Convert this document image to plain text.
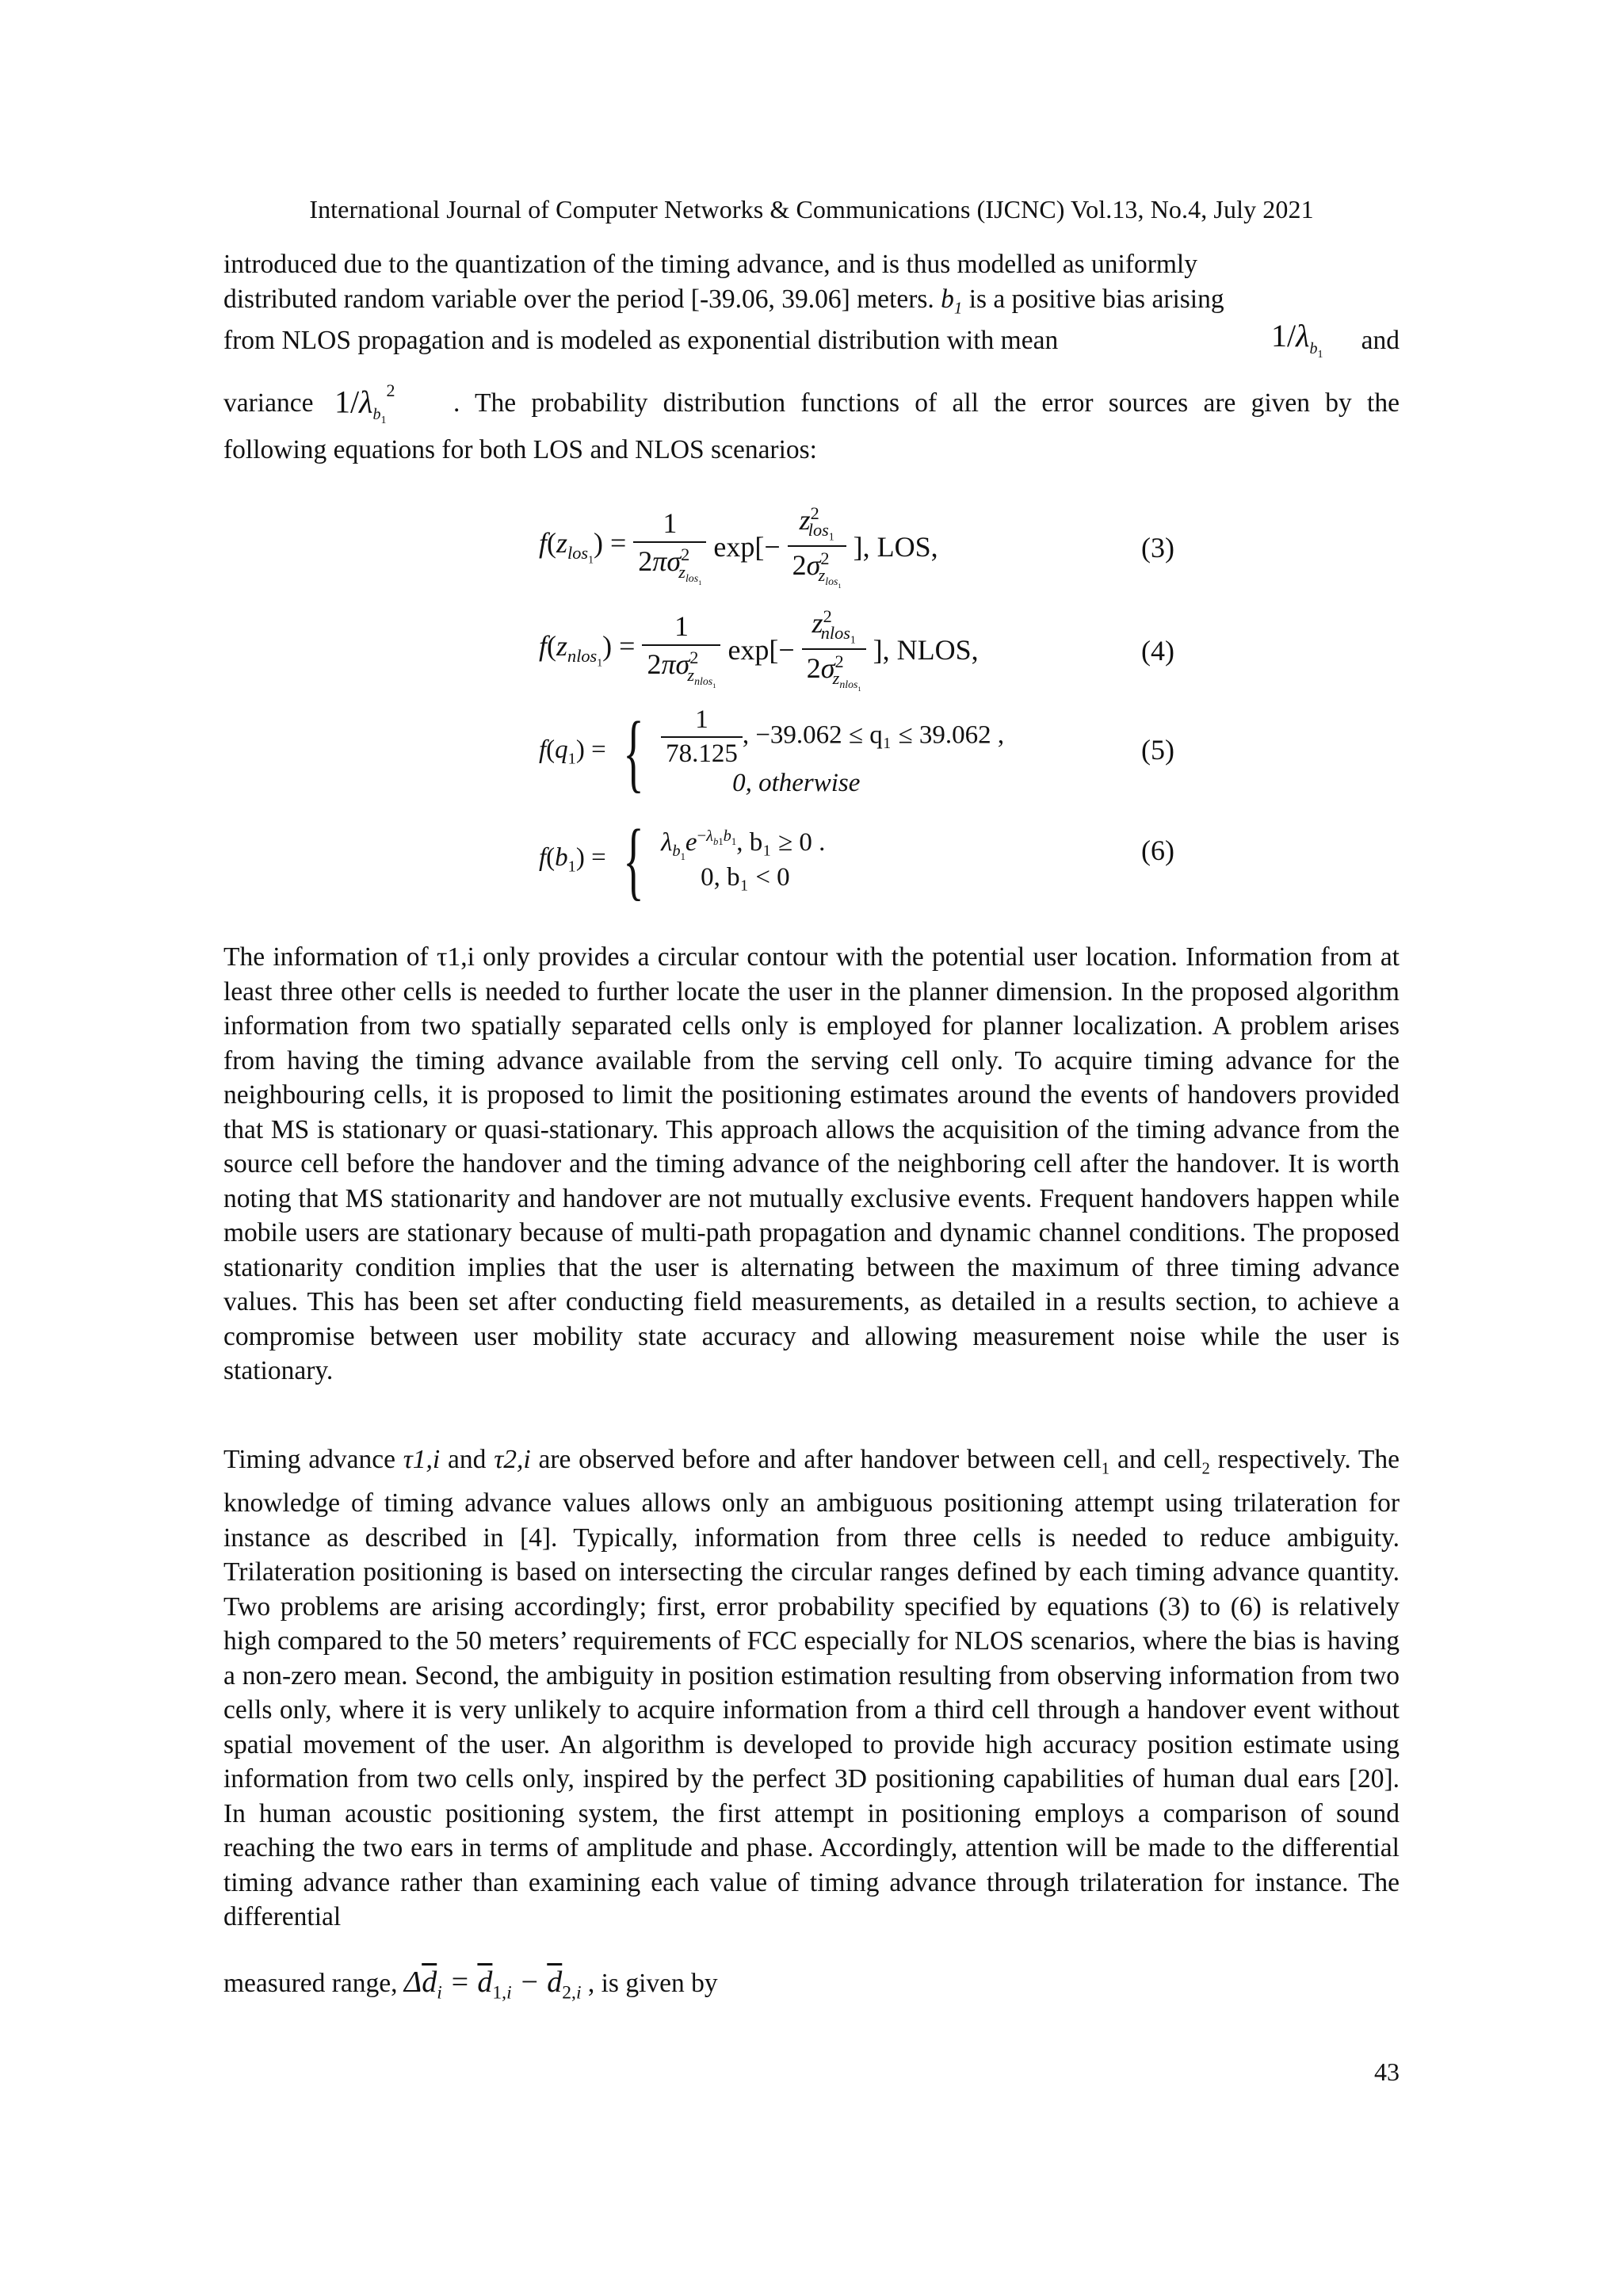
International Journal of Computer Networks & Communications (IJCNC) Vol.13, No.4, July 2021

introduced due to the quantization of the timing advance, and is thus modelled as uniformly

distributed random variable over the period [-39.06, 39.06] meters. $b_1$ is a positive bias arising

from NLOS propagation and is modeled as exponential distribution with mean	$1/\lambda_{b_1}$ and
variance $1/\lambda_{b_1}^2$ . The probability distribution functions of all the error sources are given by the

following equations for both LOS and NLOS scenarios:

$f(z_{los_1}) = \frac{1}{2\pi\sigma^2_{z_{los_1}}} \exp[- \frac{z^2_{los_1}}{2\sigma^2_{z_{los_1}}}$ ], LOS,	(3)
$f(z_{nlos_1}) = \frac{1}{2\pi\sigma^2_{z_{nlos_1}}} \exp[- \frac{z^2_{nlos_1}}{2\sigma^2_{z_{nlos_1}}}$ ], NLOS,	(4)
$f(q_1)$ = { $\frac{1}{78.125}$ , −39.062 ≤ q₁ ≤ 39.062 ,
0, otherwise
(5)
$f(b_1)$ = { $\lambda_{b_1}e^{-\lambda_{b1}b_1}$, b₁ ≥ 0 .
0, b₁ < 0
(6)

The information of τ1,i only provides a circular contour with the potential user location. Information from at least three other cells is needed to further locate the user in the planner dimension. In the proposed algorithm information from two spatially separated cells only is employed for planner localization. A problem arises from having the timing advance available from the serving cell only. To acquire timing advance for the neighbouring cells, it is proposed to limit the positioning estimates around the events of handovers provided that MS is stationary or quasi-stationary. This approach allows the acquisition of the timing advance from the source cell before the handover and the timing advance of the neighboring cell after the handover. It is worth noting that MS stationarity and handover are not mutually exclusive events. Frequent handovers happen while mobile users are stationary because of multi-path propagation and dynamic channel conditions. The proposed stationarity condition implies that the user is alternating between the maximum of three timing advance values. This has been set after conducting field measurements, as detailed in a results section, to achieve a compromise between user mobility state accuracy and allowing measurement noise while the user is stationary.

Timing advance τ1,i and τ2,i are observed before and after handover between cell$_1$ and cell$_2$ respectively. The knowledge of timing advance values allows only an ambiguous positioning attempt using trilateration for instance as described in [4]. Typically, information from three cells is needed to reduce ambiguity. Trilateration positioning is based on intersecting the circular ranges defined by each timing advance quantity. Two problems are arising accordingly; first, error probability specified by equations (3) to (6) is relatively high compared to the 50 meters’ requirements of FCC especially for NLOS scenarios, where the bias is having a non-zero mean. Second, the ambiguity in position estimation resulting from observing information from two cells only, where it is very unlikely to acquire information from a third cell through a handover event without spatial movement of the user. An algorithm is developed to provide high accuracy position estimate using information from two cells only, inspired by the perfect 3D positioning capabilities of human dual ears [20]. In human acoustic positioning system, the first attempt in positioning employs a comparison of sound reaching the two ears in terms of amplitude and phase. Accordingly, attention will be made to the differential timing advance rather than examining each value of timing advance through trilateration for instance. The differential

measured range, $\Delta\overline{d}_i = \overline{d}_{1,i} - \overline{d}_{2,i}$ , is given by
43
